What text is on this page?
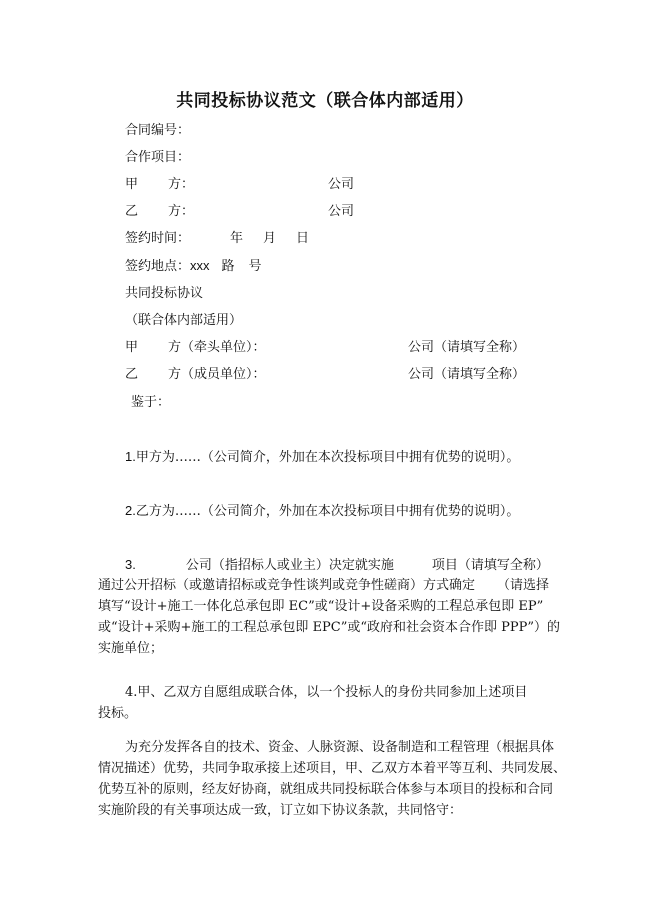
共同投标协议范文（联合体内部适用）
合同编号：
合作项目：
甲 方：	公司
乙 方：	公司
签约时间：	年 月 日
签约地点：xxx 路 号
共同投标协议
（联合体内部适用）
甲 方（牵头单位）：	公司（请填写全称）
乙 方（成员单位）：	公司（请填写全称）
鉴于：
1.甲方为……（公司简介，外加在本次投标项目中拥有优势的说明）。
2.乙方为……（公司简介，外加在本次投标项目中拥有优势的说明）。
3.	公司（指招标人或业主）决定就实施	项目（请填写全称）
通过公开招标（或邀请招标或竞争性谈判或竞争性磋商）方式确定 （请选择
填写“设计+施工一体化总承包即 EC”或“设计+设备采购的工程总承包即 EP”
或“设计+采购+施工的工程总承包即 EPC”或“政府和社会资本合作即 PPP”）的
实施单位；
4.甲、乙双方自愿组成联合体，以一个投标人的身份共同参加上述项目
投标。
为充分发挥各自的技术、资金、人脉资源、设备制造和工程管理（根据具体
情况描述）优势，共同争取承接上述项目，甲、乙双方本着平等互利、共同发展、
优势互补的原则，经友好协商，就组成共同投标联合体参与本项目的投标和合同
实施阶段的有关事项达成一致，订立如下协议条款，共同恪守：
